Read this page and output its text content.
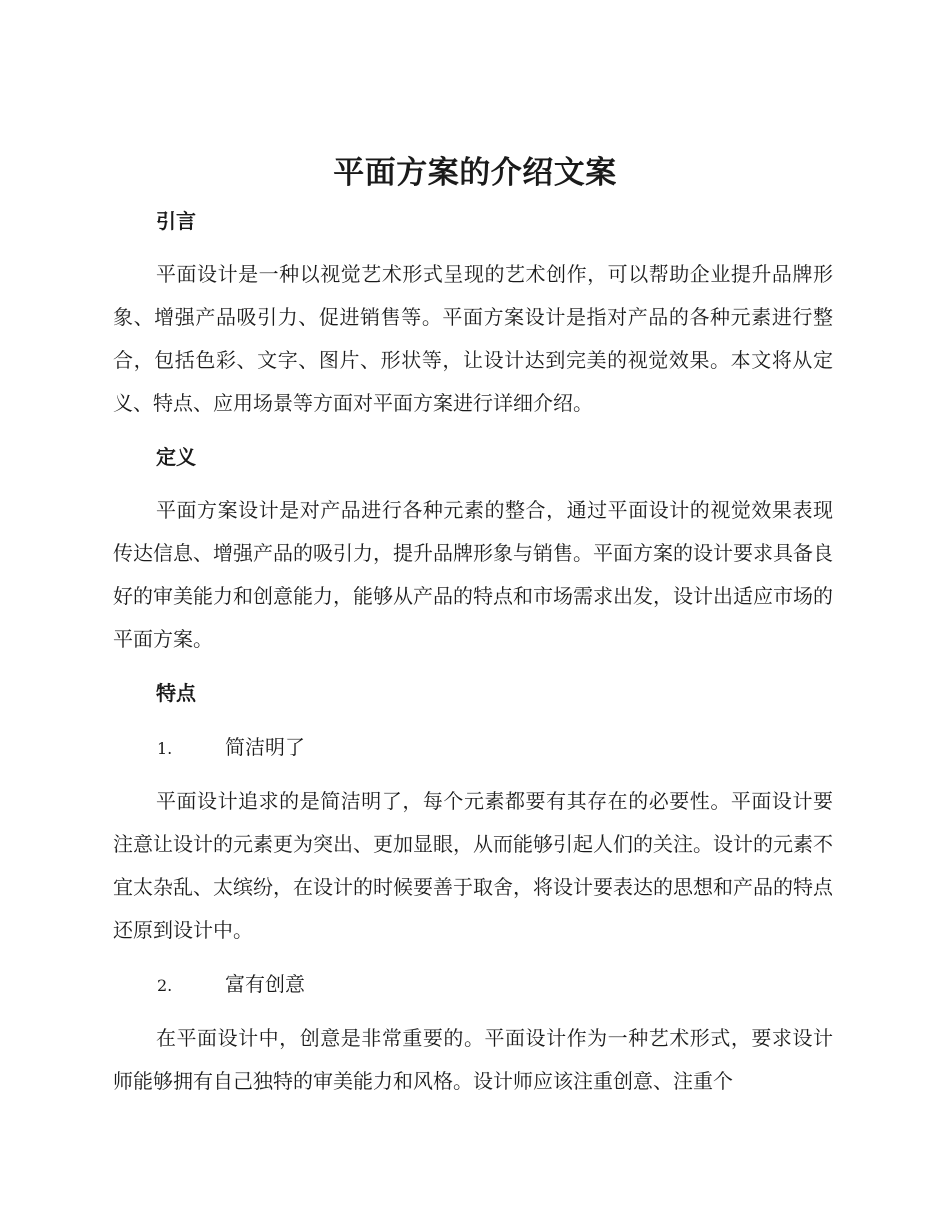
平面方案的介绍文案
引言

平面设计是一种以视觉艺术形式呈现的艺术创作，可以帮助企业提升品牌形象、增强产品吸引力、促进销售等。平面方案设计是指对产品的各种元素进行整合，包括色彩、文字、图片、形状等，让设计达到完美的视觉效果。本文将从定义、特点、应用场景等方面对平面方案进行详细介绍。

定义

平面方案设计是对产品进行各种元素的整合，通过平面设计的视觉效果表现传达信息、增强产品的吸引力，提升品牌形象与销售。平面方案的设计要求具备良好的审美能力和创意能力，能够从产品的特点和市场需求出发，设计出适应市场的平面方案。

特点
1.	简洁明了

平面设计追求的是简洁明了，每个元素都要有其存在的必要性。平面设计要注意让设计的元素更为突出、更加显眼，从而能够引起人们的关注。设计的元素不宜太杂乱、太缤纷，在设计的时候要善于取舍，将设计要表达的思想和产品的特点还原到设计中。

2.	富有创意

在平面设计中，创意是非常重要的。平面设计作为一种艺术形式，要求设计师能够拥有自己独特的审美能力和风格。设计师应该注重创意、注重个
